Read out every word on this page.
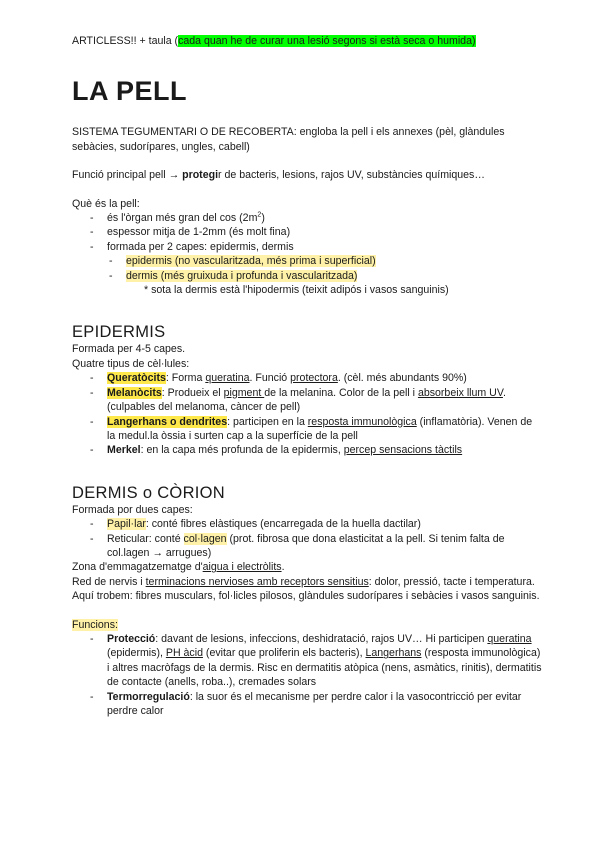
ARTICLESS!! + taula (cada quan he de curar una lesió segons si està seca o humida)

LA PELL

SISTEMA TEGUMENTARI O DE RECOBERTA: engloba la pell i els annexes (pèl, glàndules sebàcies, sudorípares, ungles, cabell)

Funció principal pell → protegir de bacteris, lesions, rajos UV, substàncies químiques…

Què és la pell:

- és l'òrgan més gran del $\cos (2m^2)$
- espessor mitja de 1-2mm (és molt fina)
- formada per 2 capes: epidermis, dermis
- epidermis (no vascularitzada, més prima i superficial)
- dermis (més gruixuda i profunda i vascularitzada)

* sota la dermis està l'hipodermis (teixit adipós i vasos sanguinis)

EPIDERMIS

Formada per 4-5 capes.

Quatre tipus de cèl·lules:

- Queratòcits: Forma queratina. Funció protectora. (cèl. més abundants 90%)
- Melanòcits: Produeix el pigment de la melanina. Color de la pell i absorbeix llum UV. (culpables del melanoma, càncer de pell)
- Langerhans o dendrites: participen en la resposta immunològica (inflamatòria). Venen de la medul.la òssia i surten cap a la superfície de la pell
- Merkel: en la capa més profunda de la epidermis, percep sensacions tàctils
DERMIS o CÒRION

Formada por dues capes:

- Papil·lar: conté fibres elàstiques (encarregada de la huella dactilar)
- Reticular: conté col·lagen (prot. fibrosa que dona elasticitat a la pell. Si tenim falta de col.lagen → arrugues)

Zona d'emmagatzematge d'aigua i electròlits.

Red de nervis i terminacions nervioses amb receptors sensitius: dolor, pressió, tacte i temperatura.

Aquí trobem: fibres musculars, fol·licles pilosos, glàndules sudorípares i sebàcies i vasos sanguinis.

Funcions:

- Protecció: davant de lesions, infeccions, deshidratació, rajos UV… Hi participen queratina (epidermis), PH àcid (evitar que proliferin els bacteris), Langerhans (resposta immunològica) i altres macròfags de la dermis. Risc en dermatitis atòpica (nens, asmàtics, rinitis), dermatitis de contacte (anells, roba..), cremades solars
- Termorregulació: la suor és el mecanisme per perdre calor i la vasocontricció per evitar perdre calor
